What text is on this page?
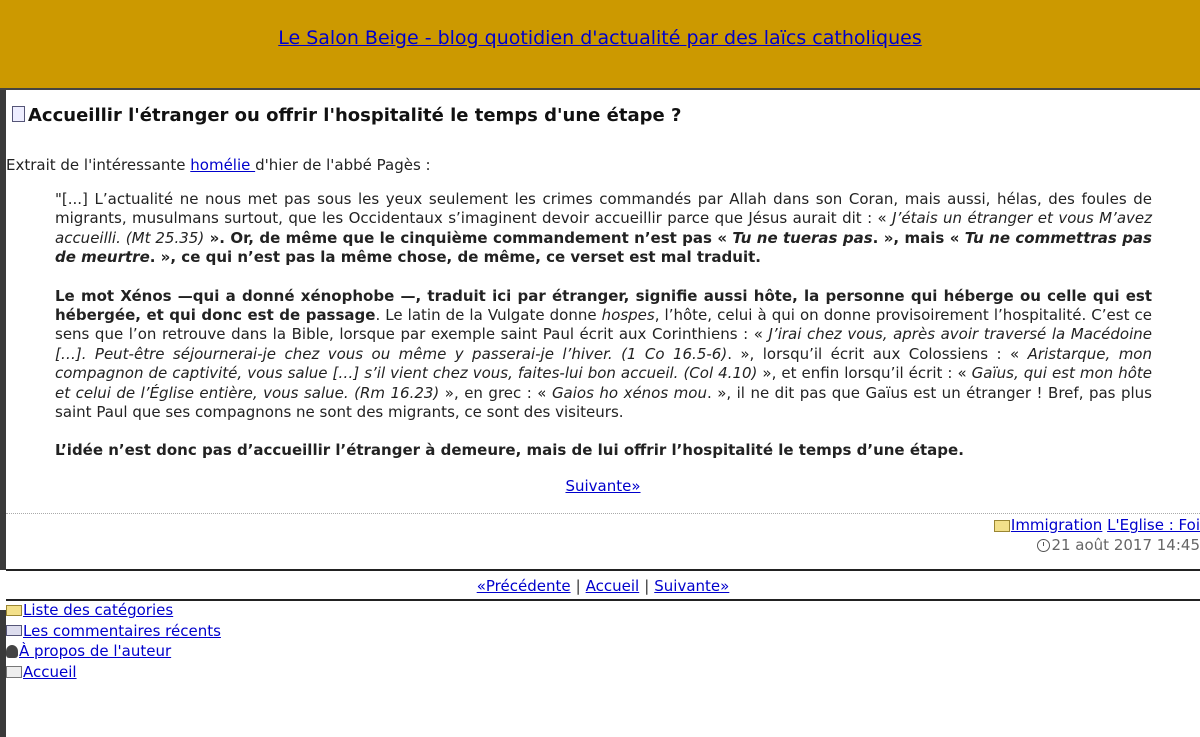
Le Salon Beige - blog quotidien d'actualité par des laïcs catholiques
Accueillir l'étranger ou offrir l'hospitalité le temps d'une étape ?
Extrait de l'intéressante homélie d'hier de l'abbé Pagès :

"[...] L’actualité ne nous met pas sous les yeux seulement les crimes commandés par Allah dans son Coran, mais aussi, hélas, des foules de migrants, musulmans surtout, que les Occidentaux s’imaginent devoir accueillir parce que Jésus aurait dit : « J’étais un étranger et vous M’avez accueilli. (Mt 25.35) ». Or, de même que le cinquième commandement n’est pas « Tu ne tueras pas. », mais « Tu ne commettras pas de meurtre. », ce qui n’est pas la même chose, de même, ce verset est mal traduit.

Le mot Xénos —qui a donné xénophobe —, traduit ici par étranger, signifie aussi hôte, la personne qui héberge ou celle qui est hébergée, et qui donc est de passage. Le latin de la Vulgate donne hospes, l’hôte, celui à qui on donne provisoirement l’hospitalité. C’est ce sens que l’on retrouve dans la Bible, lorsque par exemple saint Paul écrit aux Corinthiens : « J’irai chez vous, après avoir traversé la Macédoine […]. Peut-être séjournerai-je chez vous ou même y passerai-je l’hiver. (1 Co 16.5-6). », lorsqu’il écrit aux Colossiens : « Aristarque, mon compagnon de captivité, vous salue […] s’il vient chez vous, faites-lui bon accueil. (Col 4.10) », et enfin lorsqu’il écrit : « Gaïus, qui est mon hôte et celui de l’Église entière, vous salue. (Rm 16.23) », en grec : « Gaios ho xénos mou. », il ne dit pas que Gaïus est un étranger ! Bref, pas plus saint Paul que ses compagnons ne sont des migrants, ce sont des visiteurs.

L’idée n’est donc pas d’accueillir l’étranger à demeure, mais de lui offrir l’hospitalité le temps d’une étape.

Suivante»
Immigration L'Eglise : Foi
21 août 2017 14:45
«Précédente | Accueil | Suivante»
Liste des catégories
Les commentaires récents
À propos de l'auteur
Accueil
